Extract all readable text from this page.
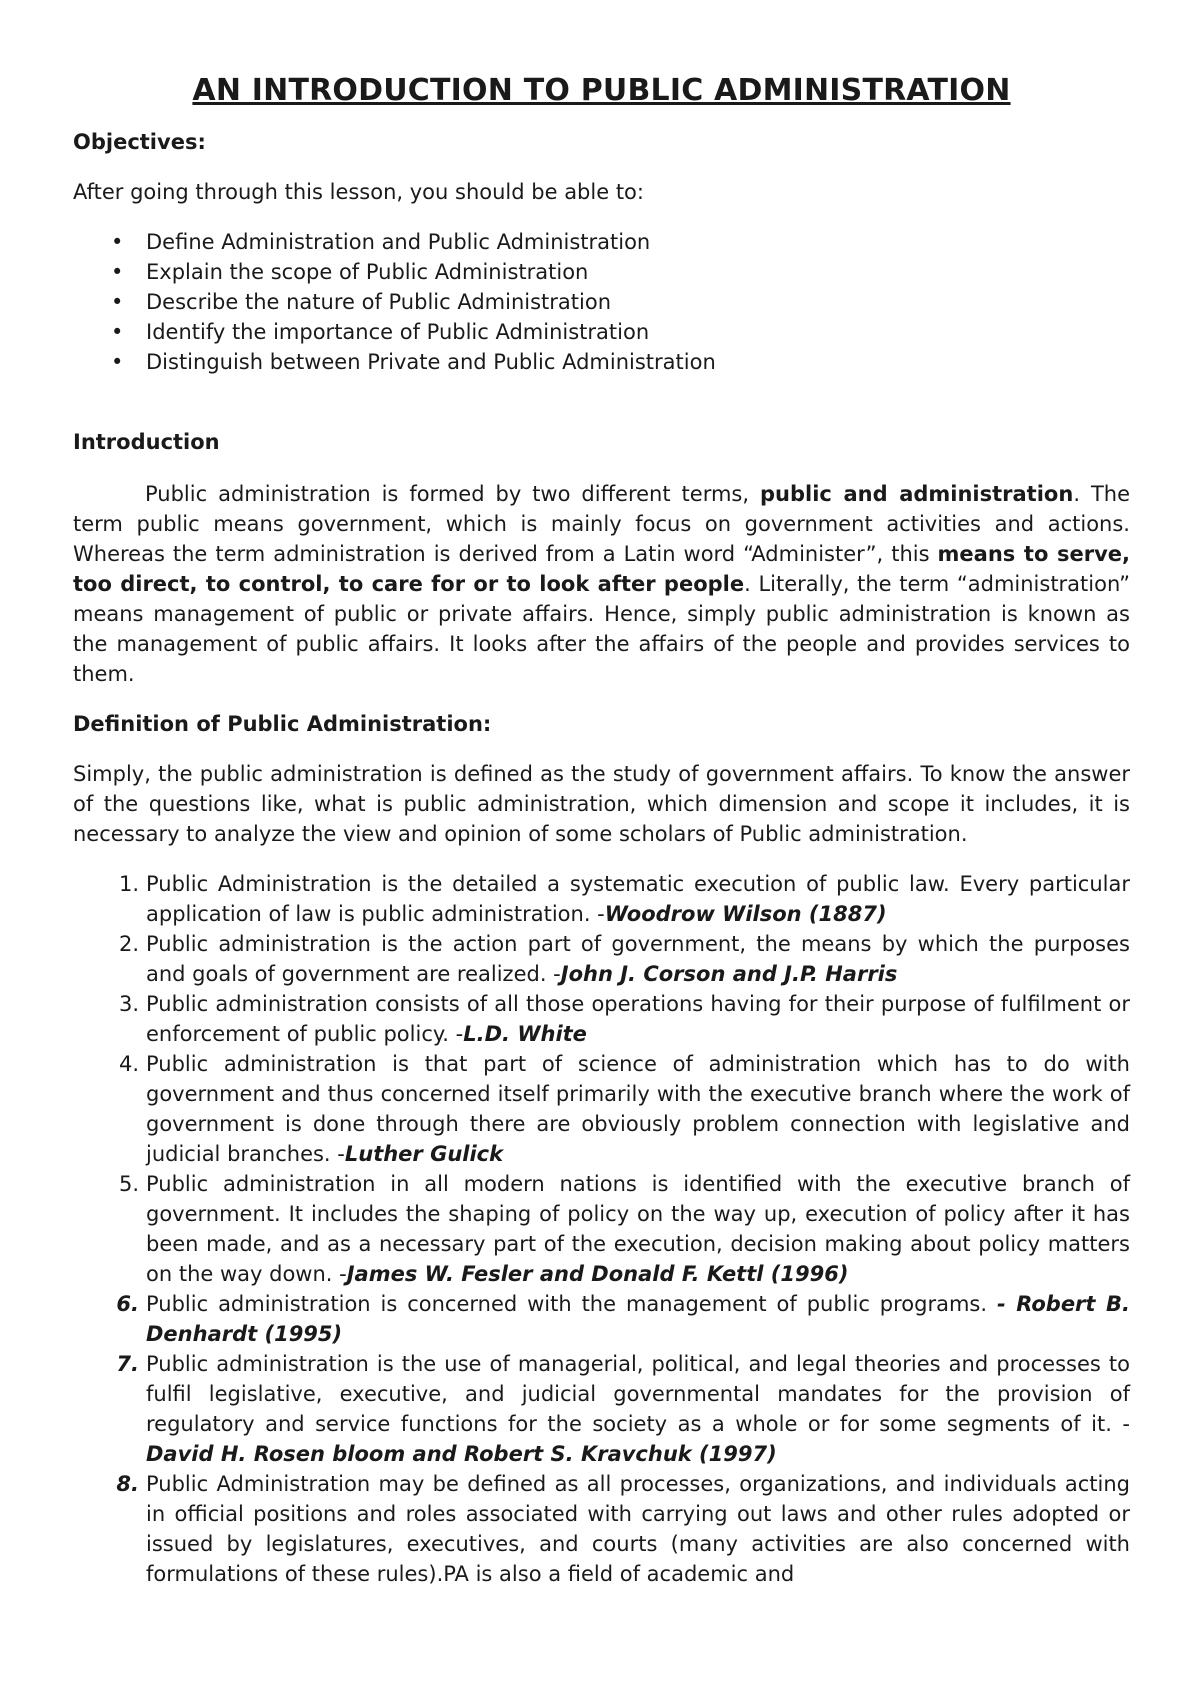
AN INTRODUCTION TO PUBLIC ADMINISTRATION
Objectives:

After going through this lesson, you should be able to:

• Define Administration and Public Administration
• Explain the scope of Public Administration
• Describe the nature of Public Administration
• Identify the importance of Public Administration
• Distinguish between Private and Public Administration
Introduction

Public administration is formed by two different terms, public and administration. The term public means government, which is mainly focus on government activities and actions. Whereas the term administration is derived from a Latin word “Administer”, this means to serve, too direct, to control, to care for or to look after people. Literally, the term “administration” means management of public or private affairs. Hence, simply public administration is known as the management of public affairs. It looks after the affairs of the people and provides services to them.

Definition of Public Administration:

Simply, the public administration is defined as the study of government affairs. To know the answer of the questions like, what is public administration, which dimension and scope it includes, it is necessary to analyze the view and opinion of some scholars of Public administration.

1. Public Administration is the detailed a systematic execution of public law. Every particular application of law is public administration. -Woodrow Wilson (1887)
2. Public administration is the action part of government, the means by which the purposes and goals of government are realized. -John J. Corson and J.P. Harris
3. Public administration consists of all those operations having for their purpose of fulfilment or enforcement of public policy. -L.D. White
4. Public administration is that part of science of administration which has to do with government and thus concerned itself primarily with the executive branch where the work of government is done through there are obviously problem connection with legislative and judicial branches. -Luther Gulick
5. Public administration in all modern nations is identified with the executive branch of government. It includes the shaping of policy on the way up, execution of policy after it has been made, and as a necessary part of the execution, decision making about policy matters on the way down. -James W. Fesler and Donald F. Kettl (1996)
6. Public administration is concerned with the management of public programs. - Robert B. Denhardt (1995)
7. Public administration is the use of managerial, political, and legal theories and processes to fulfil legislative, executive, and judicial governmental mandates for the provision of regulatory and service functions for the society as a whole or for some segments of it. -David H. Rosen bloom and Robert S. Kravchuk (1997)
8. Public Administration may be defined as all processes, organizations, and individuals acting in official positions and roles associated with carrying out laws and other rules adopted or issued by legislatures, executives, and courts (many activities are also concerned with formulations of these rules).PA is also a field of academic and
